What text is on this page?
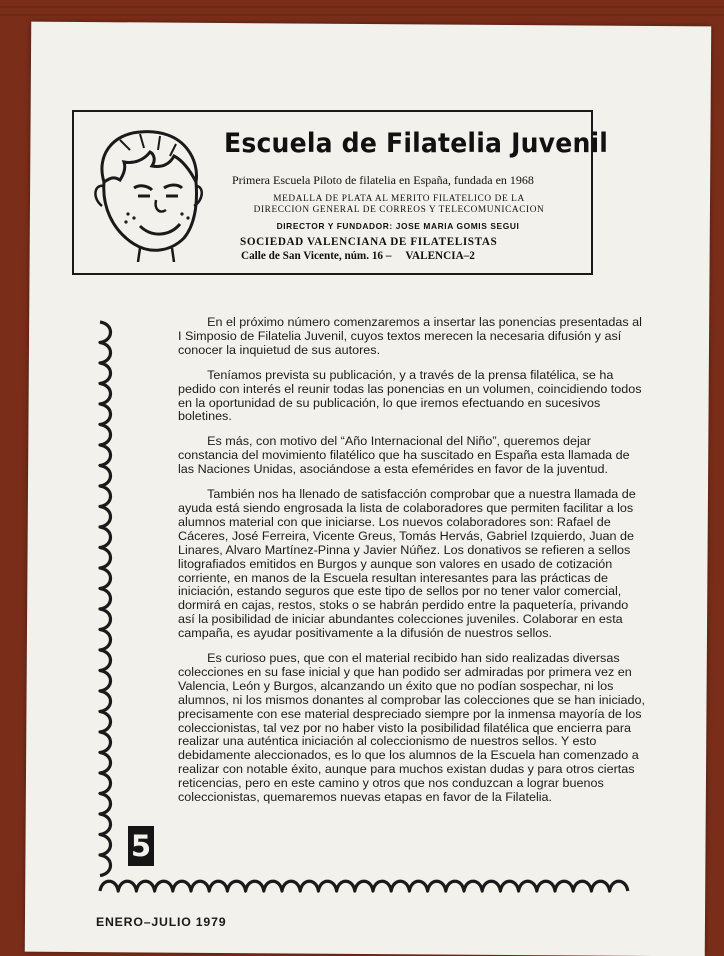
Escuela de Filatelia Juvenil
Primera Escuela Piloto de filatelia en España, fundada en 1968
MEDALLA DE PLATA AL MERITO FILATELICO DE LA
DIRECCION GENERAL DE CORREOS Y TELECOMUNICACION
DIRECTOR Y FUNDADOR: JOSE MARIA GOMIS SEGUI
SOCIEDAD VALENCIANA DE FILATELISTAS
Calle de San Vicente, núm. 16 – VALENCIA–2

En el próximo número comenzaremos a insertar las ponencias presentadas al I Simposio de Filatelia Juvenil, cuyos textos merecen la necesaria difusión y así conocer la inquietud de sus autores.

Teníamos prevista su publicación, y a través de la prensa filatélica, se ha pedido con interés el reunir todas las ponencias en un volumen, coincidiendo todos en la oportunidad de su publicación, lo que iremos efectuando en sucesivos boletines.

Es más, con motivo del “Año Internacional del Niño”, queremos dejar constancia del movimiento filatélico que ha suscitado en España esta llamada de las Naciones Unidas, asociándose a esta efemérides en favor de la juventud.

También nos ha llenado de satisfacción comprobar que a nuestra llamada de ayuda está siendo engrosada la lista de colaboradores que permiten facilitar a los alumnos material con que iniciarse. Los nuevos colaboradores son: Rafael de Cáceres, José Ferreira, Vicente Greus, Tomás Hervás, Gabriel Izquierdo, Juan de Linares, Alvaro Martínez-Pinna y Javier Núñez. Los donativos se refieren a sellos litografiados emitidos en Burgos y aunque son valores en usado de cotización corriente, en manos de la Escuela resultan interesantes para las prácticas de iniciación, estando seguros que este tipo de sellos por no tener valor comercial, dormirá en cajas, restos, stoks o se habrán perdido entre la paquetería, privando así la posibilidad de iniciar abundantes colecciones juveniles. Colaborar en esta campaña, es ayudar positivamente a la difusión de nuestros sellos.

Es curioso pues, que con el material recibido han sido realizadas diversas colecciones en su fase inicial y que han podido ser admiradas por primera vez en Valencia, León y Burgos, alcanzando un éxito que no podían sospechar, ni los alumnos, ni los mismos donantes al comprobar las colecciones que se han iniciado, precisamente con ese material despreciado siempre por la inmensa mayoría de los coleccionistas, tal vez por no haber visto la posibilidad filatélica que encierra para realizar una auténtica iniciación al coleccionismo de nuestros sellos. Y esto debidamente aleccionados, es lo que los alumnos de la Escuela han comenzado a realizar con notable éxito, aunque para muchos existan dudas y para otros ciertas reticencias, pero en este camino y otros que nos conduzcan a lograr buenos coleccionistas, quemaremos nuevas etapas en favor de la Filatelia.

5
ENERO–JULIO 1979
